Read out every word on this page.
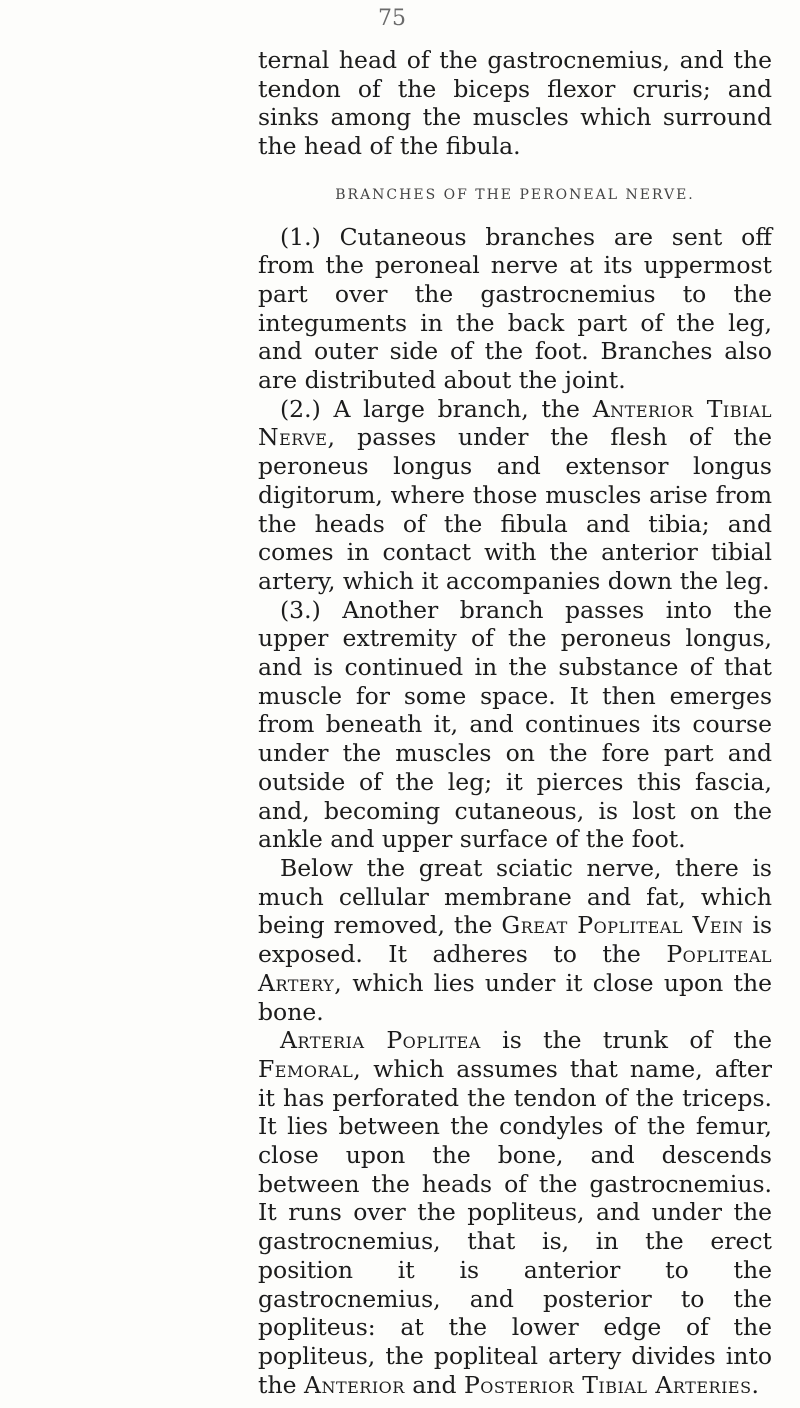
75

ternal head of the gastrocnemius, and the tendon of the biceps flexor cruris; and sinks among the muscles which surround the head of the fibula.

BRANCHES OF THE PERONEAL NERVE.

(1.) Cutaneous branches are sent off from the peroneal nerve at its uppermost part over the gastrocnemius to the integuments in the back part of the leg, and outer side of the foot. Branches also are distributed about the joint.

(2.) A large branch, the Anterior Tibial Nerve, passes under the flesh of the peroneus longus and extensor longus digitorum, where those muscles arise from the heads of the fibula and tibia; and comes in contact with the anterior tibial artery, which it accompanies down the leg.

(3.) Another branch passes into the upper extremity of the peroneus longus, and is continued in the substance of that muscle for some space. It then emerges from beneath it, and continues its course under the muscles on the fore part and outside of the leg; it pierces this fascia, and, becoming cutaneous, is lost on the ankle and upper surface of the foot.

Below the great sciatic nerve, there is much cellular membrane and fat, which being removed, the Great Popliteal Vein is exposed. It adheres to the Popliteal Artery, which lies under it close upon the bone.

Arteria Poplitea is the trunk of the Femoral, which assumes that name, after it has perforated the tendon of the triceps. It lies between the condyles of the femur, close upon the bone, and descends between the heads of the gastrocnemius. It runs over the popliteus, and under the gastrocnemius, that is, in the erect position it is anterior to the gastrocnemius, and posterior to the popliteus: at the lower edge of the popliteus, the popliteal artery divides into the Anterior and Posterior Tibial Arteries.
